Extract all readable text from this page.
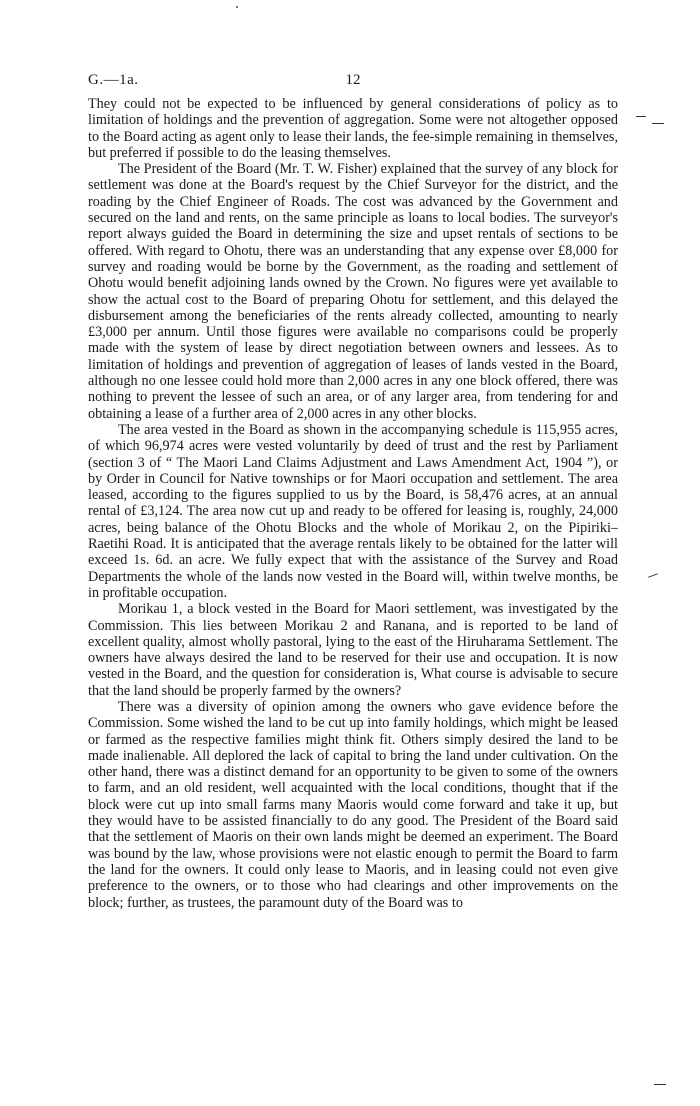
G.—1a.	12

They could not be expected to be influenced by general considerations of policy as to limitation of holdings and the prevention of aggregation. Some were not altogether opposed to the Board acting as agent only to lease their lands, the fee-simple remaining in themselves, but preferred if possible to do the leasing themselves.

The President of the Board (Mr. T. W. Fisher) explained that the survey of any block for settlement was done at the Board's request by the Chief Surveyor for the district, and the roading by the Chief Engineer of Roads. The cost was advanced by the Government and secured on the land and rents, on the same principle as loans to local bodies. The surveyor's report always guided the Board in determining the size and upset rentals of sections to be offered. With regard to Ohotu, there was an understanding that any expense over £8,000 for survey and roading would be borne by the Government, as the roading and settlement of Ohotu would benefit adjoining lands owned by the Crown. No figures were yet available to show the actual cost to the Board of preparing Ohotu for settlement, and this delayed the disbursement among the beneficiaries of the rents already collected, amounting to nearly £3,000 per annum. Until those figures were available no comparisons could be properly made with the system of lease by direct negotiation between owners and lessees. As to limitation of holdings and prevention of aggregation of leases of lands vested in the Board, although no one lessee could hold more than 2,000 acres in any one block offered, there was nothing to prevent the lessee of such an area, or of any larger area, from tendering for and obtaining a lease of a further area of 2,000 acres in any other blocks.

The area vested in the Board as shown in the accompanying schedule is 115,955 acres, of which 96,974 acres were vested voluntarily by deed of trust and the rest by Parliament (section 3 of “ The Maori Land Claims Adjustment and Laws Amendment Act, 1904 ”), or by Order in Council for Native townships or for Maori occupation and settlement. The area leased, according to the figures supplied to us by the Board, is 58,476 acres, at an annual rental of £3,124. The area now cut up and ready to be offered for leasing is, roughly, 24,000 acres, being balance of the Ohotu Blocks and the whole of Morikau 2, on the Pipiriki–Raetihi Road. It is anticipated that the average rentals likely to be obtained for the latter will exceed 1s. 6d. an acre. We fully expect that with the assistance of the Survey and Road Departments the whole of the lands now vested in the Board will, within twelve months, be in profitable occupation.

Morikau 1, a block vested in the Board for Maori settlement, was investigated by the Commission. This lies between Morikau 2 and Ranana, and is reported to be land of excellent quality, almost wholly pastoral, lying to the east of the Hiruharama Settlement. The owners have always desired the land to be reserved for their use and occupation. It is now vested in the Board, and the question for consideration is, What course is advisable to secure that the land should be properly farmed by the owners?

There was a diversity of opinion among the owners who gave evidence before the Commission. Some wished the land to be cut up into family holdings, which might be leased or farmed as the respective families might think fit. Others simply desired the land to be made inalienable. All deplored the lack of capital to bring the land under cultivation. On the other hand, there was a distinct demand for an opportunity to be given to some of the owners to farm, and an old resident, well acquainted with the local conditions, thought that if the block were cut up into small farms many Maoris would come forward and take it up, but they would have to be assisted financially to do any good. The President of the Board said that the settlement of Maoris on their own lands might be deemed an experiment. The Board was bound by the law, whose provisions were not elastic enough to permit the Board to farm the land for the owners. It could only lease to Maoris, and in leasing could not even give preference to the owners, or to those who had clearings and other improvements on the block; further, as trustees, the paramount duty of the Board was to
